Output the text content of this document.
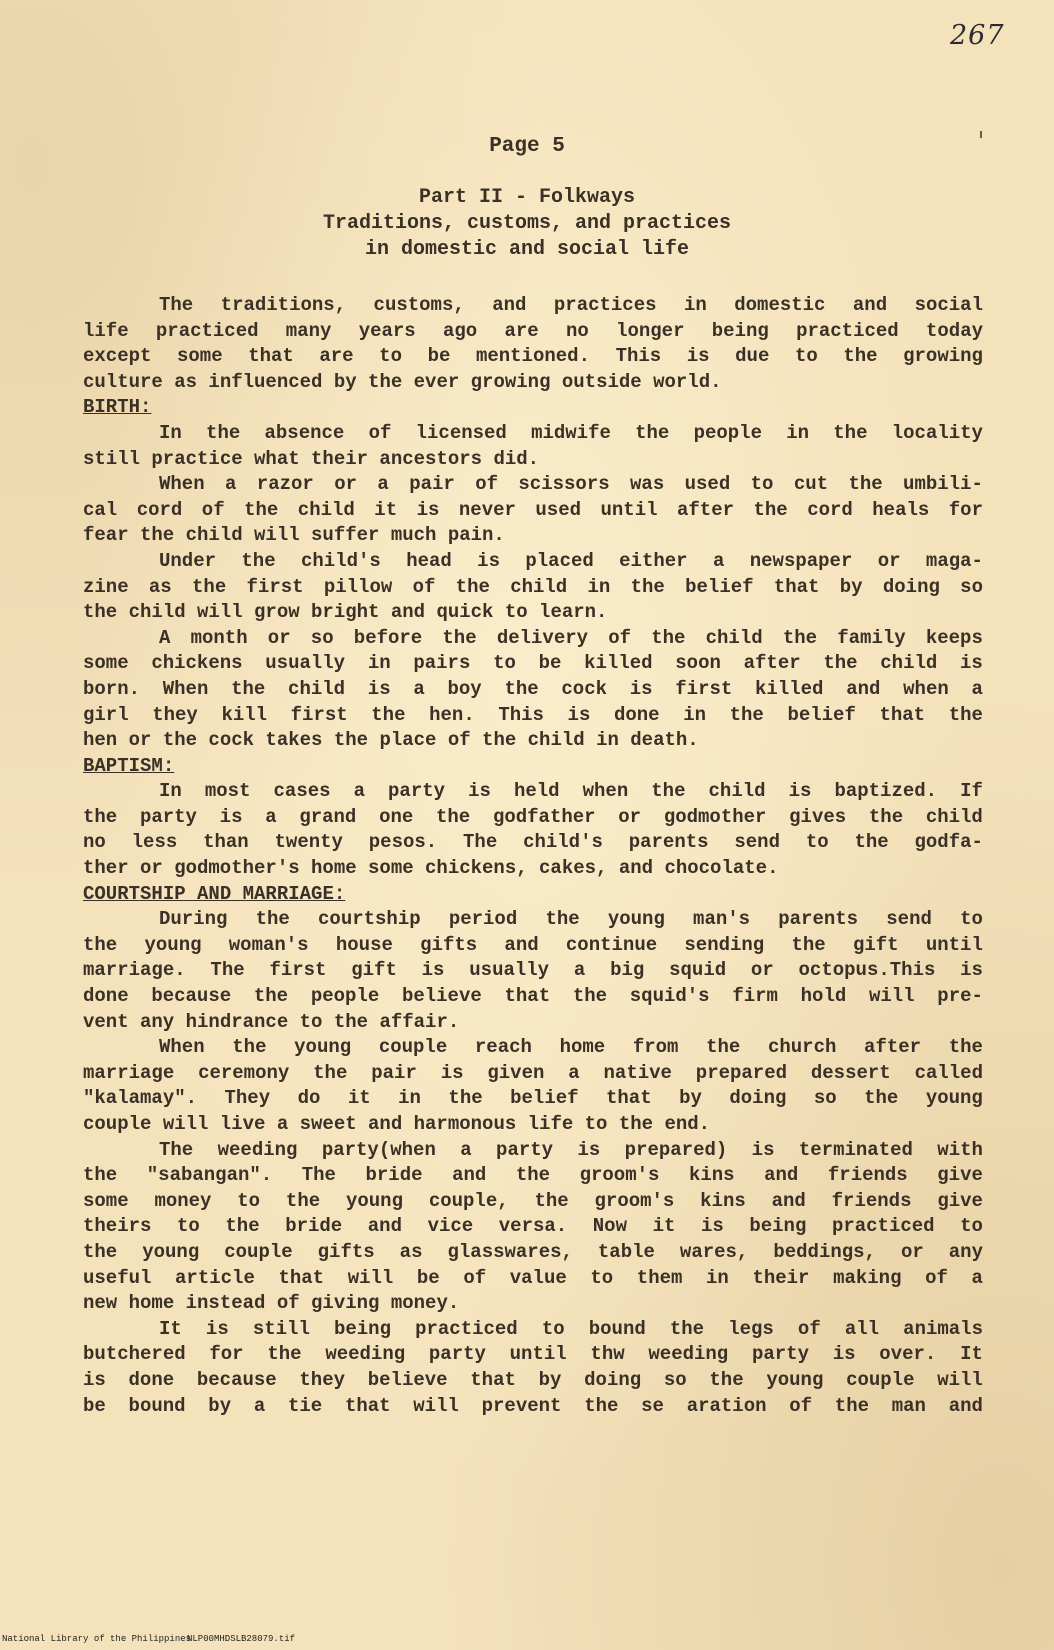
267
Page 5
Part II - Folkways
Traditions, customs, and practices
in domestic and social life
The traditions, customs, and practices in domestic and social
life practiced many years ago are no longer being practiced today
except some that are to be mentioned. This is due to the growing
culture as influenced by the ever growing outside world.
BIRTH:
In the absence of licensed midwife the people in the locality
still practice what their ancestors did.
When a razor or a pair of scissors was used to cut the umbili-
cal cord of the child it is never used until after the cord heals for
fear the child will suffer much pain.
Under the child's head is placed either a newspaper or maga-
zine as the first pillow of the child in the belief that by doing so
the child will grow bright and quick to learn.
A month or so before the delivery of the child the family keeps
some chickens usually in pairs to be killed soon after the child is
born. When the child is a boy the cock is first killed and when a
girl they kill first the hen. This is done in the belief that the
hen or the cock takes the place of the child in death.
BAPTISM:
In most cases a party is held when the child is baptized. If
the party is a grand one the godfather or godmother gives the child
no less than twenty pesos. The child's parents send to the godfa-
ther or godmother's home some chickens, cakes, and chocolate.
COURTSHIP AND MARRIAGE:
During the courtship period the young man's parents send to
the young woman's house gifts and continue sending the gift until
marriage. The first gift is usually a big squid or octopus.This is
done because the people believe that the squid's firm hold will pre-
vent any hindrance to the affair.
When the young couple reach home from the church after the
marriage ceremony the pair is given a native prepared dessert called
"kalamay". They do it in the belief that by doing so the young
couple will live a sweet and harmonous life to the end.
The weeding party(when a party is prepared) is terminated with
the "sabangan". The bride and the groom's kins and friends give
some money to the young couple, the groom's kins and friends give
theirs to the bride and vice versa. Now it is being practiced to
the young couple gifts as glasswares, table wares, beddings, or any
useful article that will be of value to them in their making of a
new home instead of giving money.
It is still being practiced to bound the legs of all animals
butchered for the weeding party until thw weeding party is over. It
is done because they believe that by doing so the young couple will
be bound by a tie that will prevent the se aration of the man and
National Library of the Philippines
NLP00MHDSLB28079.tif
